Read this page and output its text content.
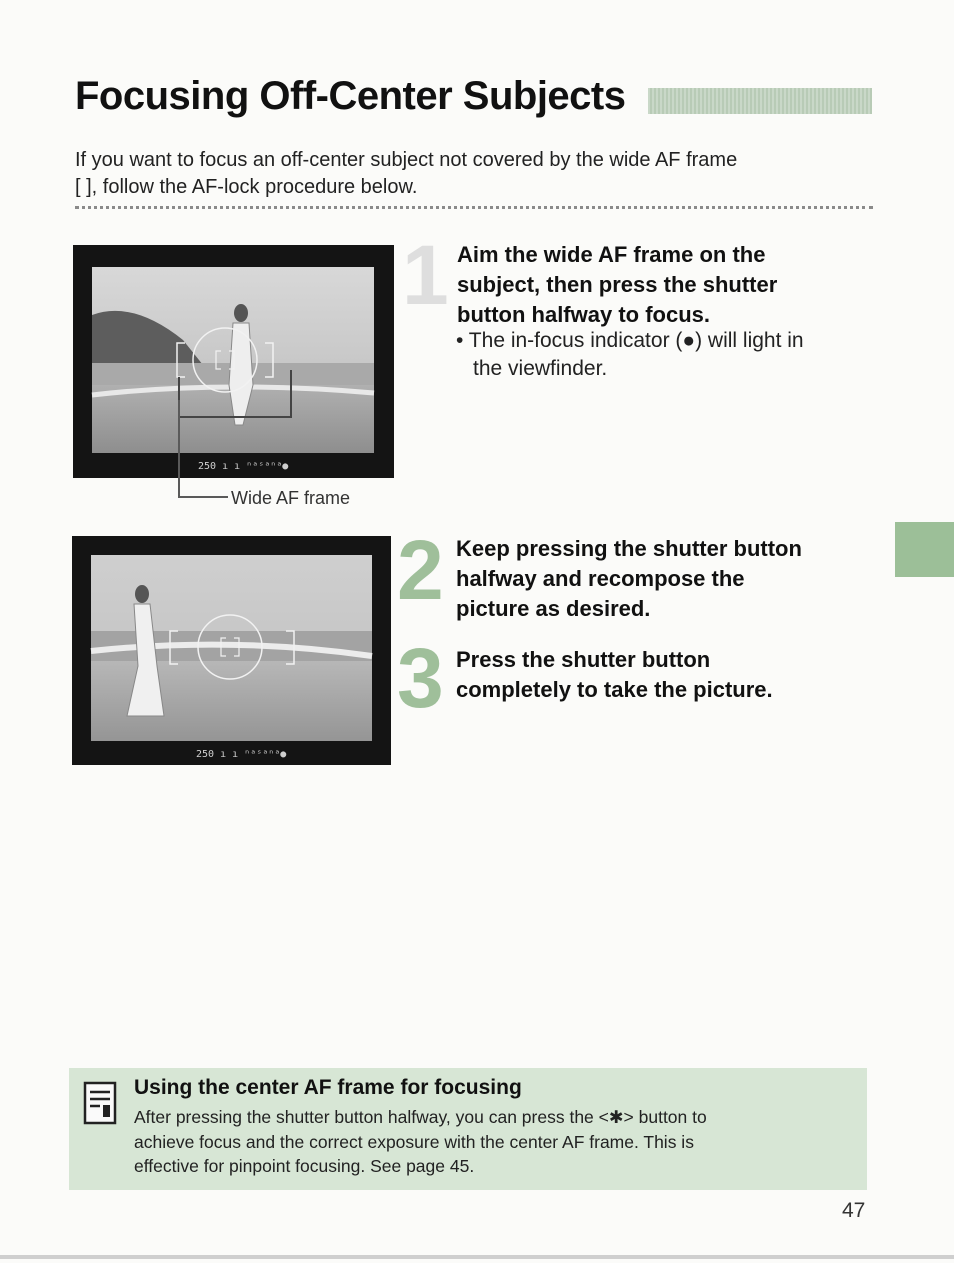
Focusing Off-Center Subjects
If you want to focus an off-center subject not covered by the wide AF frame
[ ], follow the AF-lock procedure below.
250 ı ı ⁿᵃˢᵃⁿᵃ●
Wide AF frame
1 Aim the wide AF frame on the
subject, then press the shutter
button halfway to focus.
• The in-focus indicator (●) will light in
the viewfinder.
250 ı ı ⁿᵃˢᵃⁿᵃ●
2 Keep pressing the shutter button
halfway and recompose the
picture as desired.
3 Press the shutter button
completely to take the picture.
Using the center AF frame for focusing
After pressing the shutter button halfway, you can press the <✱> button to
achieve focus and the correct exposure with the center AF frame. This is
effective for pinpoint focusing. See page 45.
47
